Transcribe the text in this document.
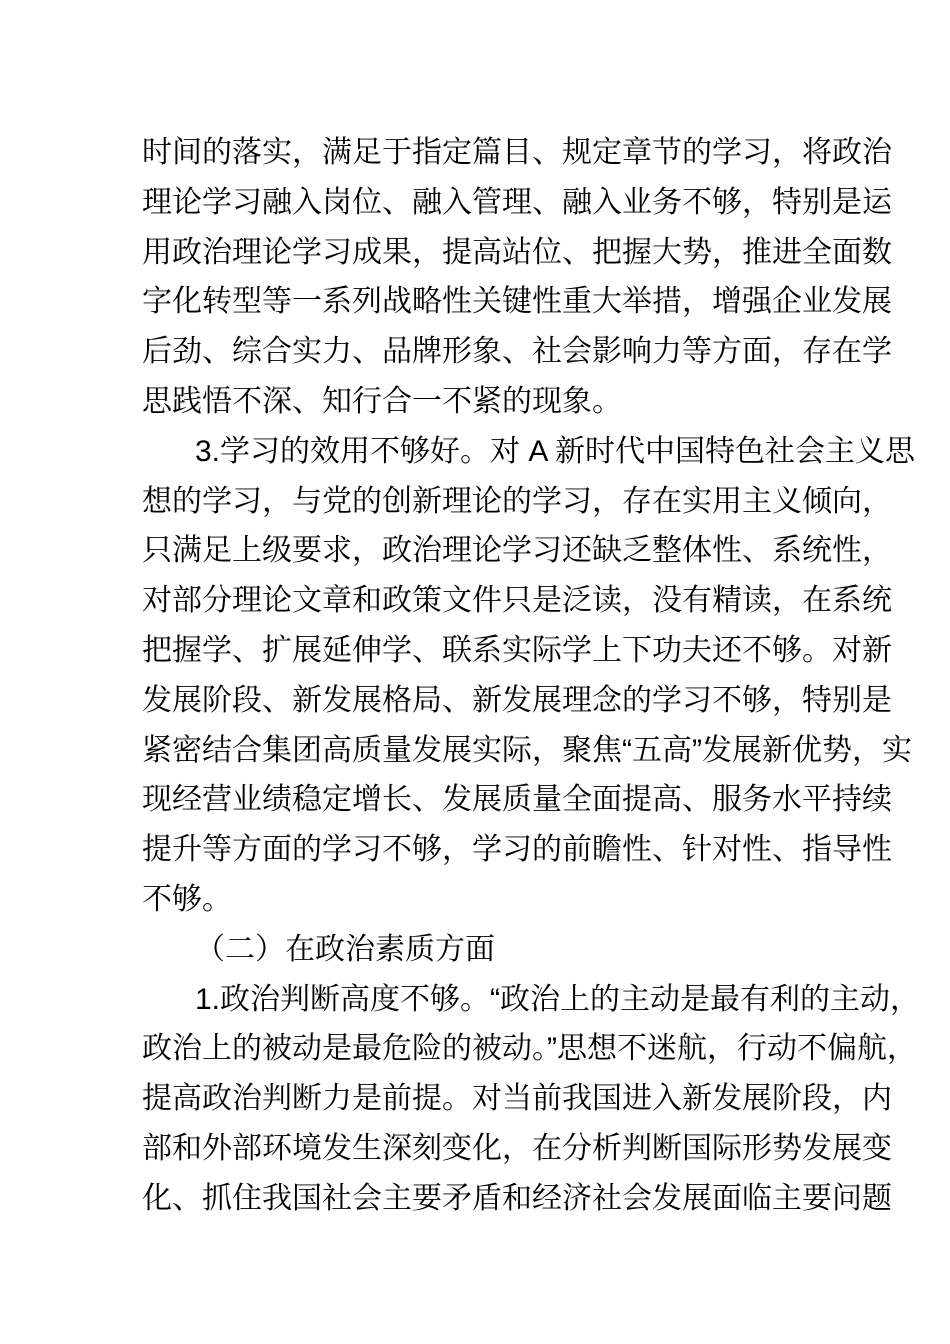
时间的落实，满足于指定篇目、规定章节的学习，将政治
理论学习融入岗位、融入管理、融入业务不够，特别是运
用政治理论学习成果，提高站位、把握大势，推进全面数
字化转型等一系列战略性关键性重大举措，增强企业发展
后劲、综合实力、品牌形象、社会影响力等方面，存在学
思践悟不深、知行合一不紧的现象。
3.学习的效用不够好。对 A 新时代中国特色社会主义思
想的学习，与党的创新理论的学习，存在实用主义倾向，
只满足上级要求，政治理论学习还缺乏整体性、系统性，
对部分理论文章和政策文件只是泛读，没有精读，在系统
把握学、扩展延伸学、联系实际学上下功夫还不够。对新
发展阶段、新发展格局、新发展理念的学习不够，特别是
紧密结合集团高质量发展实际，聚焦“五高”发展新优势，实
现经营业绩稳定增长、发展质量全面提高、服务水平持续
提升等方面的学习不够，学习的前瞻性、针对性、指导性
不够。
（二）在政治素质方面
1.政治判断高度不够。“政治上的主动是最有利的主动，
政治上的被动是最危险的被动。”思想不迷航，行动不偏航，
提高政治判断力是前提。对当前我国进入新发展阶段，内
部和外部环境发生深刻变化，在分析判断国际形势发展变
化、抓住我国社会主要矛盾和经济社会发展面临主要问题
